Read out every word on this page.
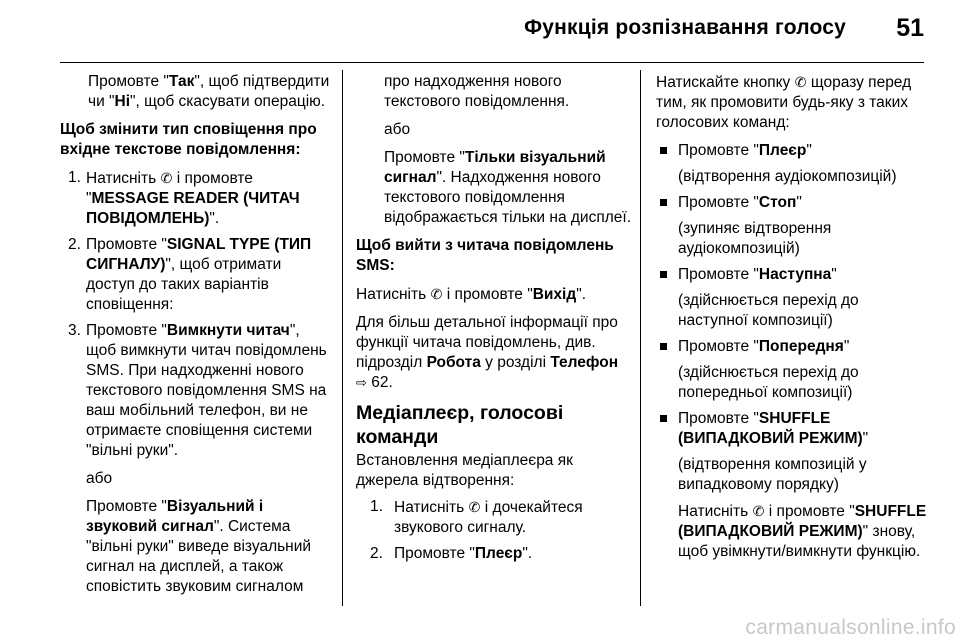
Функція розпізнавання голосу 51

Промовте "Так", щоб підтвердити чи "Ні", щоб скасувати операцію.

Щоб змінити тип сповіщення про вхідне текстове повідомлення:

1. Натисніть ✆ і промовте "MESSAGE READER (ЧИТАЧ ПОВІДОМЛЕНЬ)".
2. Промовте "SIGNAL TYPE (ТИП СИГНАЛУ)", щоб отримати доступ до таких варіантів сповіщення:
3. Промовте "Вимкнути читач", щоб вимкнути читач повідомлень SMS. При надходженні нового текстового повідомлення SMS на ваш мобільний телефон, ви не отримаєте сповіщення системи "вільні руки".

або

Промовте "Візуальний і звуковий сигнал". Система "вільні руки" виведе візуальний сигнал на дисплей, а також сповістить звуковим сигналом

про надходження нового текстового повідомлення.

або

Промовте "Тільки візуальний сигнал". Надходження нового текстового повідомлення відображається тільки на дисплеї.

Щоб вийти з читача повідомлень SMS:

Натисніть ✆ і промовте "Вихід".

Для більш детальної інформації про функції читача повідомлень, див. підрозділ Робота у розділі Телефон ⇨ 62.

Медіаплеєр, голосові команди

Встановлення медіаплеєра як джерела відтворення:

1. Натисніть ✆ і дочекайтеся звукового сигналу.
2. Промовте "Плеєр".

Натискайте кнопку ✆ щоразу перед тим, як промовити будь-яку з таких голосових команд:

Промовте "Плеєр"

(відтворення аудіокомпозицій)

Промовте "Стоп"

(зупиняє відтворення аудіокомпозицій)

Промовте "Наступна"

(здійснюється перехід до наступної композиції)

Промовте "Попередня"

(здійснюється перехід до попередньої композиції)

Промовте "SHUFFLE (ВИПАДКОВИЙ РЕЖИМ)"

(відтворення композицій у випадковому порядку)

Натисніть ✆ і промовте "SHUFFLE (ВИПАДКОВИЙ РЕЖИМ)" знову, щоб увімкнути/вимкнути функцію.

carmanualsonline.info
